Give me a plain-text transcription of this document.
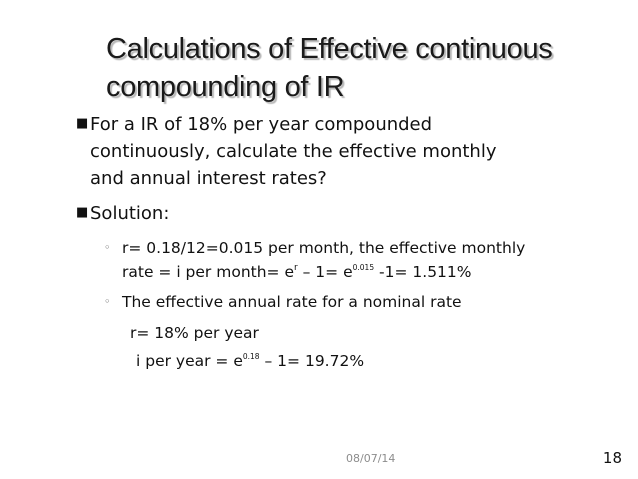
Calculations of Effective continuous
compounding of IR
■ For a IR of 18% per year compounded
continuously, calculate the effective monthly
and annual interest rates?
■ Solution:
◦ r= 0.18/12=0.015 per month, the effective monthly
rate = i per month= $e^r - 1= e^{0.015}$ -1= 1.511%
◦ The effective annual rate for a nominal rate
r= 18% per year
i per year = $e^{0.18} - 1= 19.72\%$
08/07/14	18
